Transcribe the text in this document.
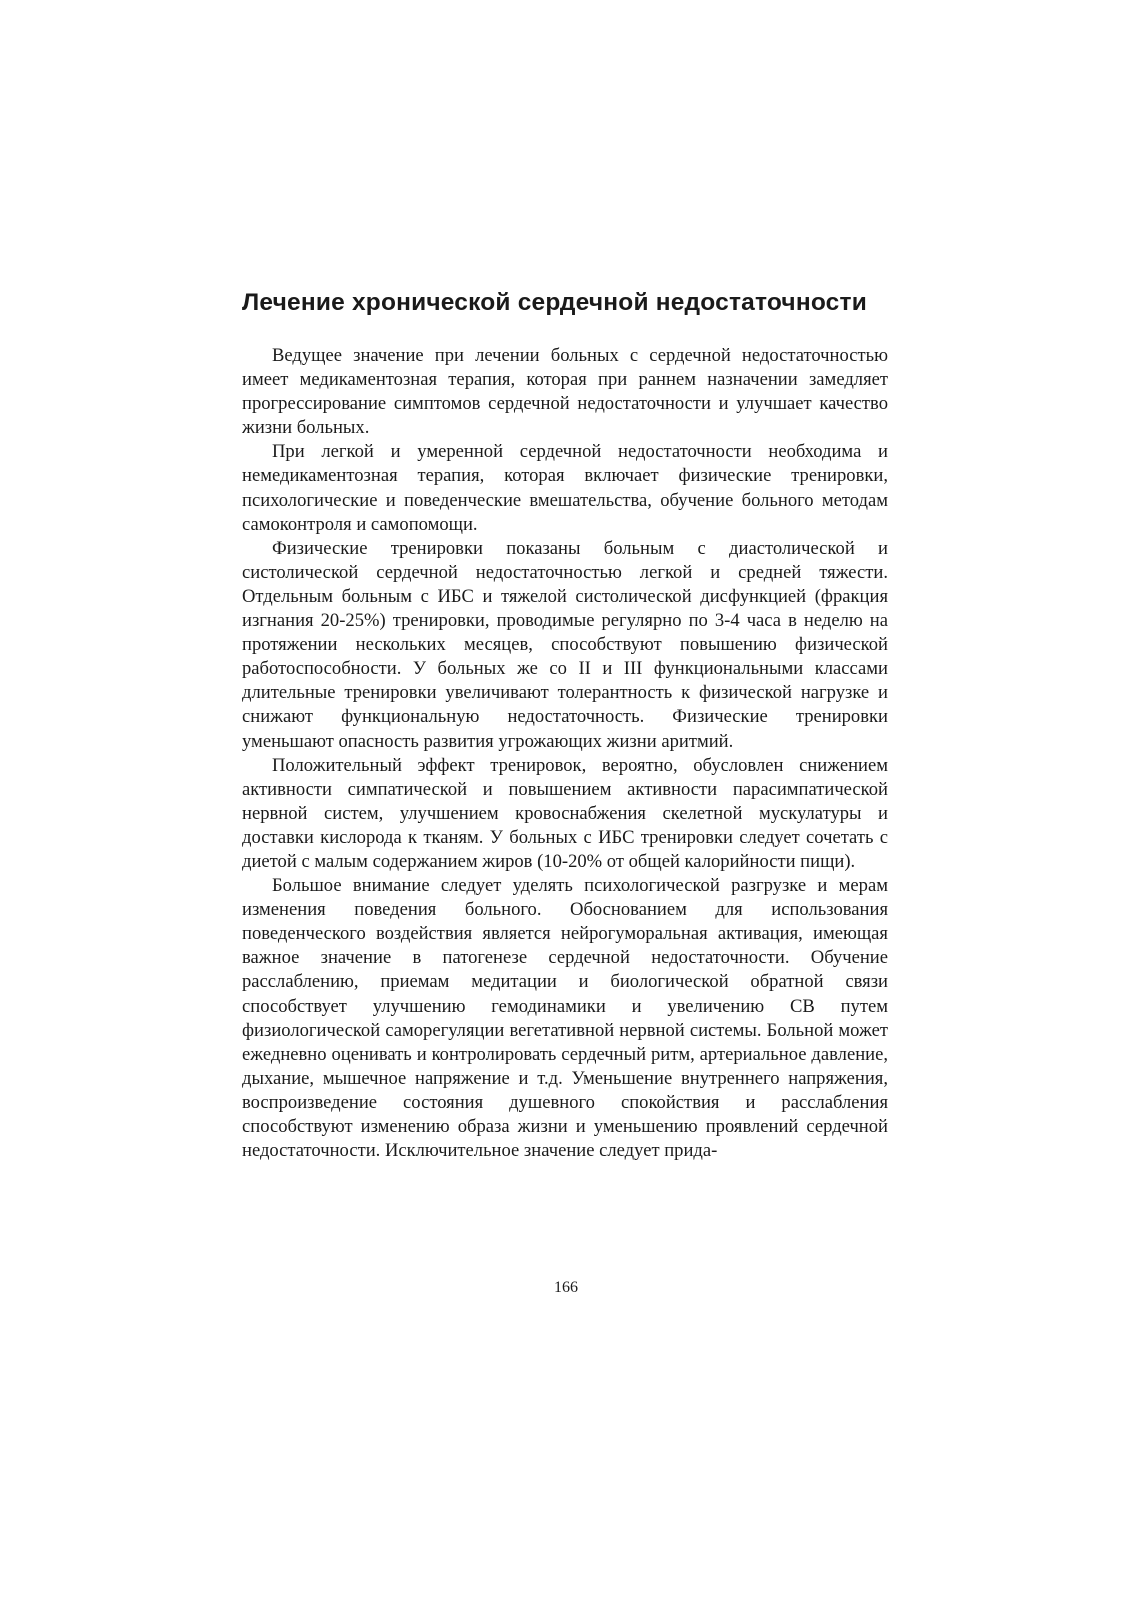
Лечение хронической сердечной недостаточности

Ведущее значение при лечении больных с сердечной недостаточностью имеет медикаментозная терапия, которая при раннем назначении замедляет прогрессирование симптомов сердечной недостаточности и улучшает качество жизни больных.

При легкой и умеренной сердечной недостаточности необходима и немедикаментозная терапия, которая включает физические тренировки, психологические и поведенческие вмешательства, обучение больного методам самоконтроля и самопомощи.

Физические тренировки показаны больным с диастолической и систолической сердечной недостаточностью легкой и средней тяжести. Отдельным больным с ИБС и тяжелой систолической дисфункцией (фракция изгнания 20-25%) тренировки, проводимые регулярно по 3-4 часа в неделю на протяжении нескольких месяцев, способствуют повышению физической работоспособности. У больных же со II и III функциональными классами длительные тренировки увеличивают толерантность к физической нагрузке и снижают функциональную недостаточность. Физические тренировки уменьшают опасность развития угрожающих жизни аритмий.

Положительный эффект тренировок, вероятно, обусловлен снижением активности симпатической и повышением активности парасимпатической нервной систем, улучшением кровоснабжения скелетной мускулатуры и доставки кислорода к тканям. У больных с ИБС тренировки следует сочетать с диетой с малым содержанием жиров (10-20% от общей калорийности пищи).

Большое внимание следует уделять психологической разгрузке и мерам изменения поведения больного. Обоснованием для использования поведенческого воздействия является нейрогуморальная активация, имеющая важное значение в патогенезе сердечной недостаточности. Обучение расслаблению, приемам медитации и биологической обратной связи способствует улучшению гемодинамики и увеличению СВ путем физиологической саморегуляции вегетативной нервной системы. Больной может ежедневно оценивать и контролировать сердечный ритм, артериальное давление, дыхание, мышечное напряжение и т.д. Уменьшение внутреннего напряжения, воспроизведение состояния душевного спокойствия и расслабления способствуют изменению образа жизни и уменьшению проявлений сердечной недостаточности. Исключительное значение следует прида-

166
